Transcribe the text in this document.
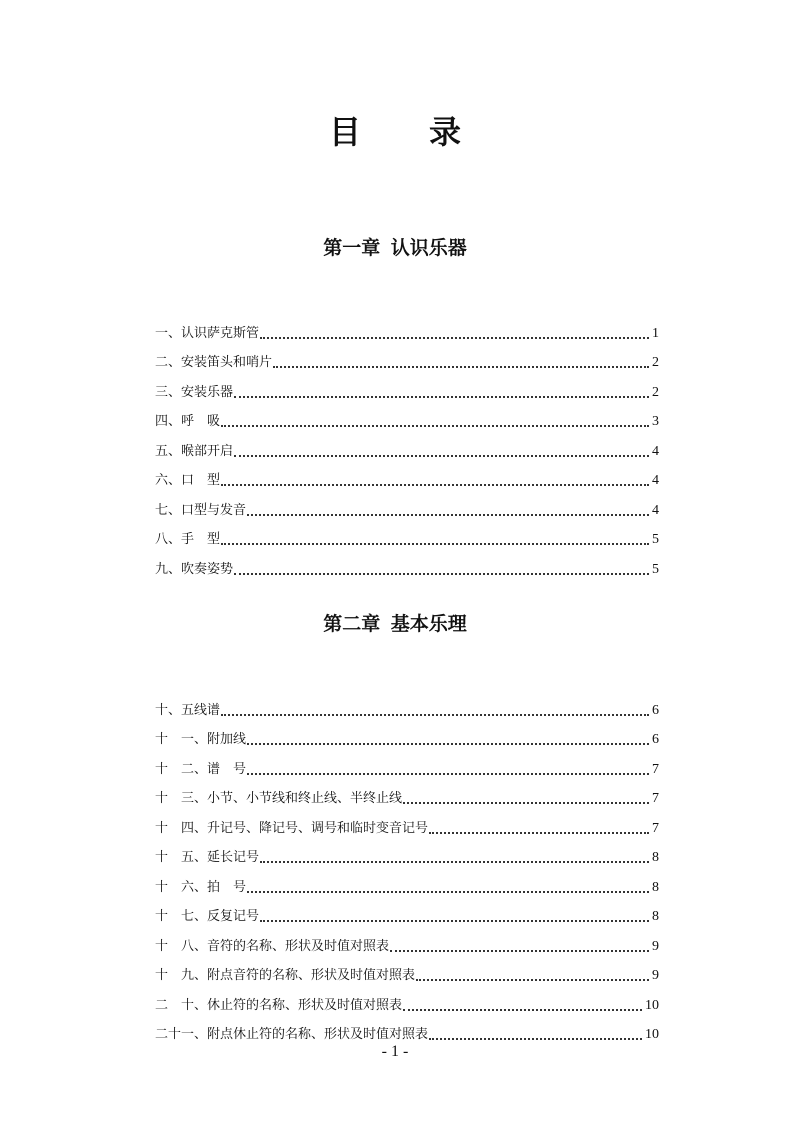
目 录
第一章 认识乐器
一、认识萨克斯管	1
二、安装笛头和哨片	2
三、安装乐器	2
四、呼　吸	3
五、喉部开启	4
六、口　型	4
七、口型与发音	4
八、手　型	5
九、吹奏姿势	5
第二章 基本乐理
十、五线谱	6
十　一、附加线	6
十　二、谱　号	7
十　三、小节、小节线和终止线、半终止线	7
十　四、升记号、降记号、调号和临时变音记号	7
十　五、延长记号	8
十　六、拍　号	8
十　七、反复记号	8
十　八、音符的名称、形状及时值对照表	9
十　九、附点音符的名称、形状及时值对照表	9
二　十、休止符的名称、形状及时值对照表	10
二十一、附点休止符的名称、形状及时值对照表	10
- 1 -
